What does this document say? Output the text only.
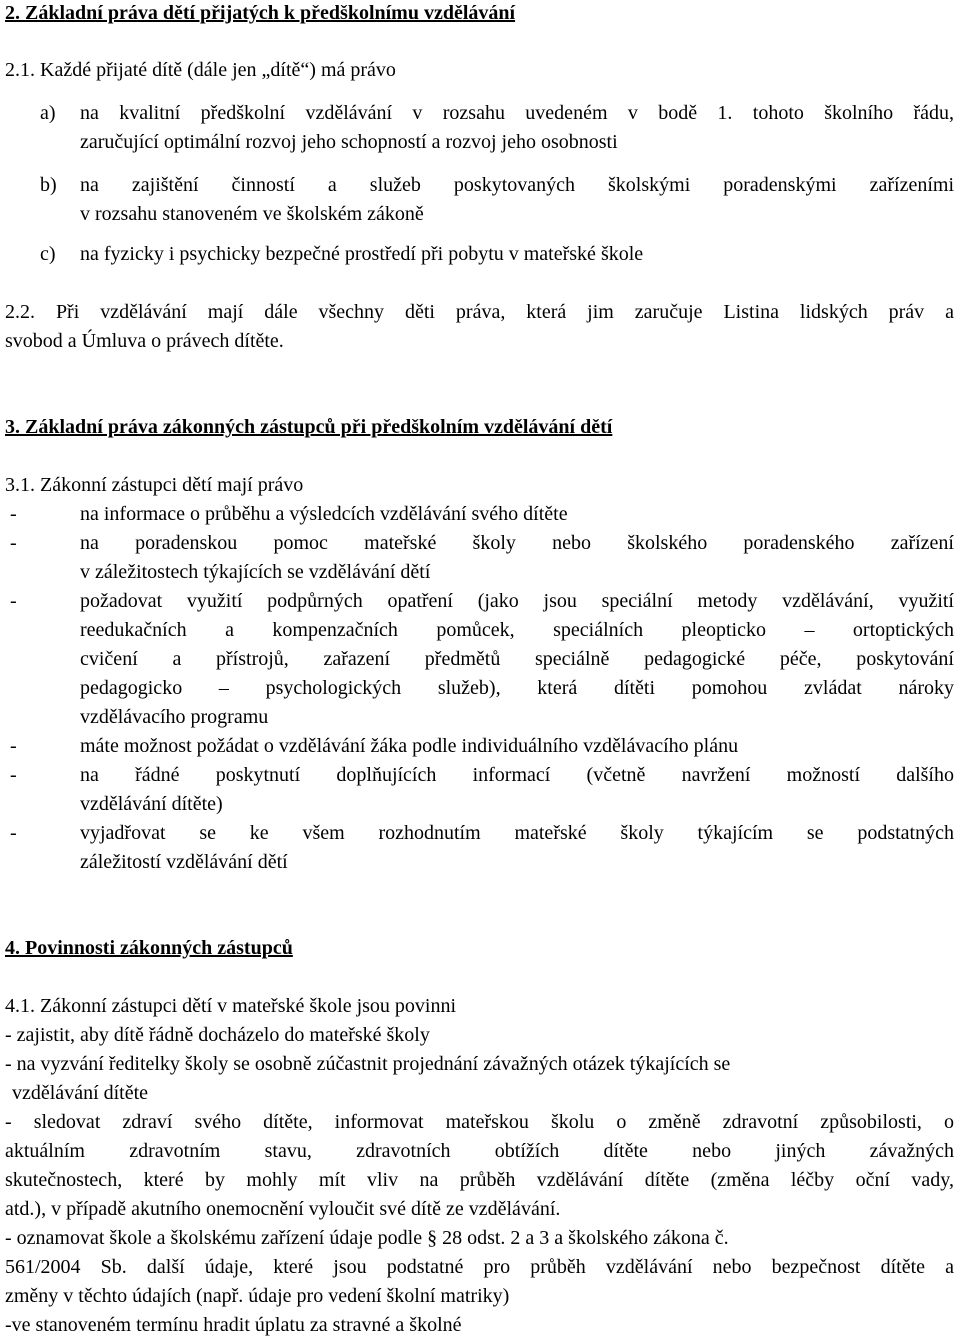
2. Základní práva dětí přijatých k předškolnímu vzdělávání
2.1. Každé přijaté dítě (dále jen „dítě“) má právo
a) na kvalitní předškolní vzdělávání v rozsahu uvedeném v bodě 1. tohoto školního řádu,
zaručující optimální rozvoj jeho schopností a rozvoj jeho osobnosti
b) na zajištění činností a služeb poskytovaných školskými poradenskými zařízeními
v rozsahu stanoveném ve školském zákoně
c) na fyzicky i psychicky bezpečné prostředí při pobytu v mateřské škole
2.2. Při vzdělávání mají dále všechny děti práva, která jim zaručuje Listina lidských práv a
svobod a Úmluva o právech dítěte.
3. Základní práva zákonných zástupců při předškolním vzdělávání dětí
3.1. Zákonní zástupci dětí mají právo
-	na informace o průběhu a výsledcích vzdělávání svého dítěte
-	na poradenskou pomoc mateřské školy nebo školského poradenského zařízení
v záležitostech týkajících se vzdělávání dětí
-	požadovat využití podpůrných opatření (jako jsou speciální metody vzdělávání, využití
reedukačních a kompenzačních pomůcek, speciálních pleopticko – ortoptických
cvičení a přístrojů, zařazení předmětů speciálně pedagogické péče, poskytování
pedagogicko – psychologických služeb), která dítěti pomohou zvládat nároky
vzdělávacího programu
-	máte možnost požádat o vzdělávání žáka podle individuálního vzdělávacího plánu
-	na řádné poskytnutí doplňujících informací (včetně navržení možností dalšího
vzdělávání dítěte)
-	vyjadřovat se ke všem rozhodnutím mateřské školy týkajícím se podstatných
záležitostí vzdělávání dětí
4. Povinnosti zákonných zástupců
4.1. Zákonní zástupci dětí v mateřské škole jsou povinni
- zajistit, aby dítě řádně docházelo do mateřské školy
- na vyzvání ředitelky školy se osobně zúčastnit projednání závažných otázek týkajících se
vzdělávání dítěte
- sledovat zdraví svého dítěte, informovat mateřskou školu o změně zdravotní způsobilosti, o
aktuálním zdravotním stavu, zdravotních obtížích dítěte nebo jiných závažných
skutečnostech, které by mohly mít vliv na průběh vzdělávání dítěte (změna léčby oční vady,
atd.), v případě akutního onemocnění vyloučit své dítě ze vzdělávání.
- oznamovat škole a školskému zařízení údaje podle § 28 odst. 2 a 3 a školského zákona č.
561/2004 Sb. další údaje, které jsou podstatné pro průběh vzdělávání nebo bezpečnost dítěte a
změny v těchto údajích (např. údaje pro vedení školní matriky)
-ve stanoveném termínu hradit úplatu za stravné a školné
